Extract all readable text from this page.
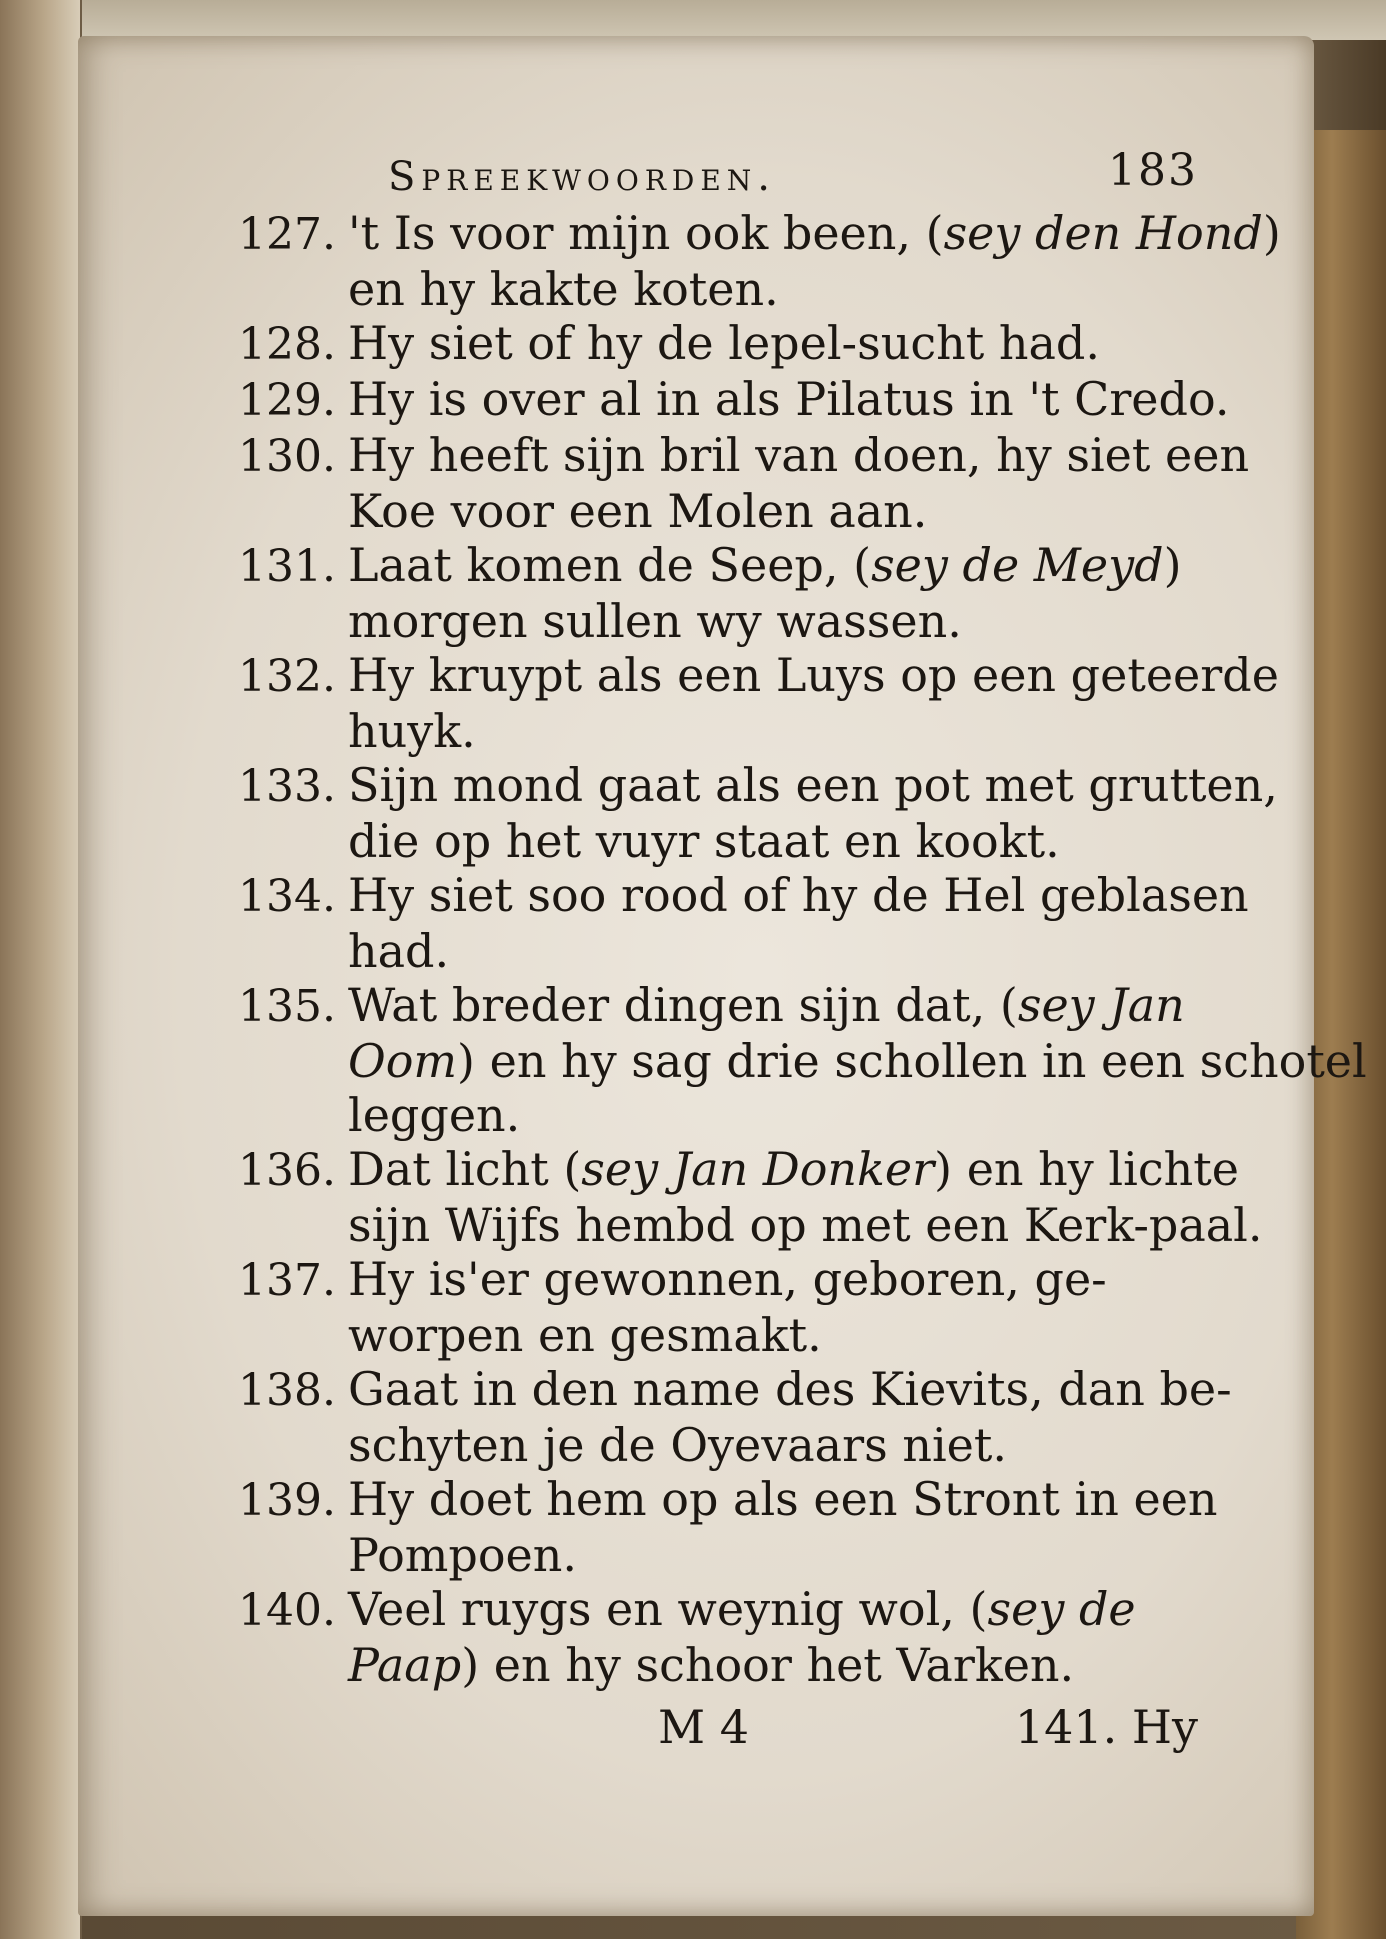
Spreekwoorden.	183
127. 't Is voor mijn ook been, (sey den Hond)
en hy kakte koten.
128. Hy siet of hy de lepel-sucht had.
129. Hy is over al in als Pilatus in 't Credo.
130. Hy heeft sijn bril van doen, hy siet een
Koe voor een Molen aan.
131. Laat komen de Seep, (sey de Meyd)
morgen sullen wy wassen.
132. Hy kruypt als een Luys op een geteerde
huyk.
133. Sijn mond gaat als een pot met grutten,
die op het vuyr staat en kookt.
134. Hy siet soo rood of hy de Hel geblasen
had.
135. Wat breder dingen sijn dat, (sey Jan
Oom) en hy sag drie schollen in een schotel
leggen.
136. Dat licht (sey Jan Donker) en hy lichte
sijn Wijfs hembd op met een Kerk-paal.
137. Hy is'er gewonnen, geboren, ge-
worpen en gesmakt.
138. Gaat in den name des Kievits, dan be-
schyten je de Oyevaars niet.
139. Hy doet hem op als een Stront in een
Pompoen.
140. Veel ruygs en weynig wol, (sey de
Paap) en hy schoor het Varken.
M 4	141. Hy
